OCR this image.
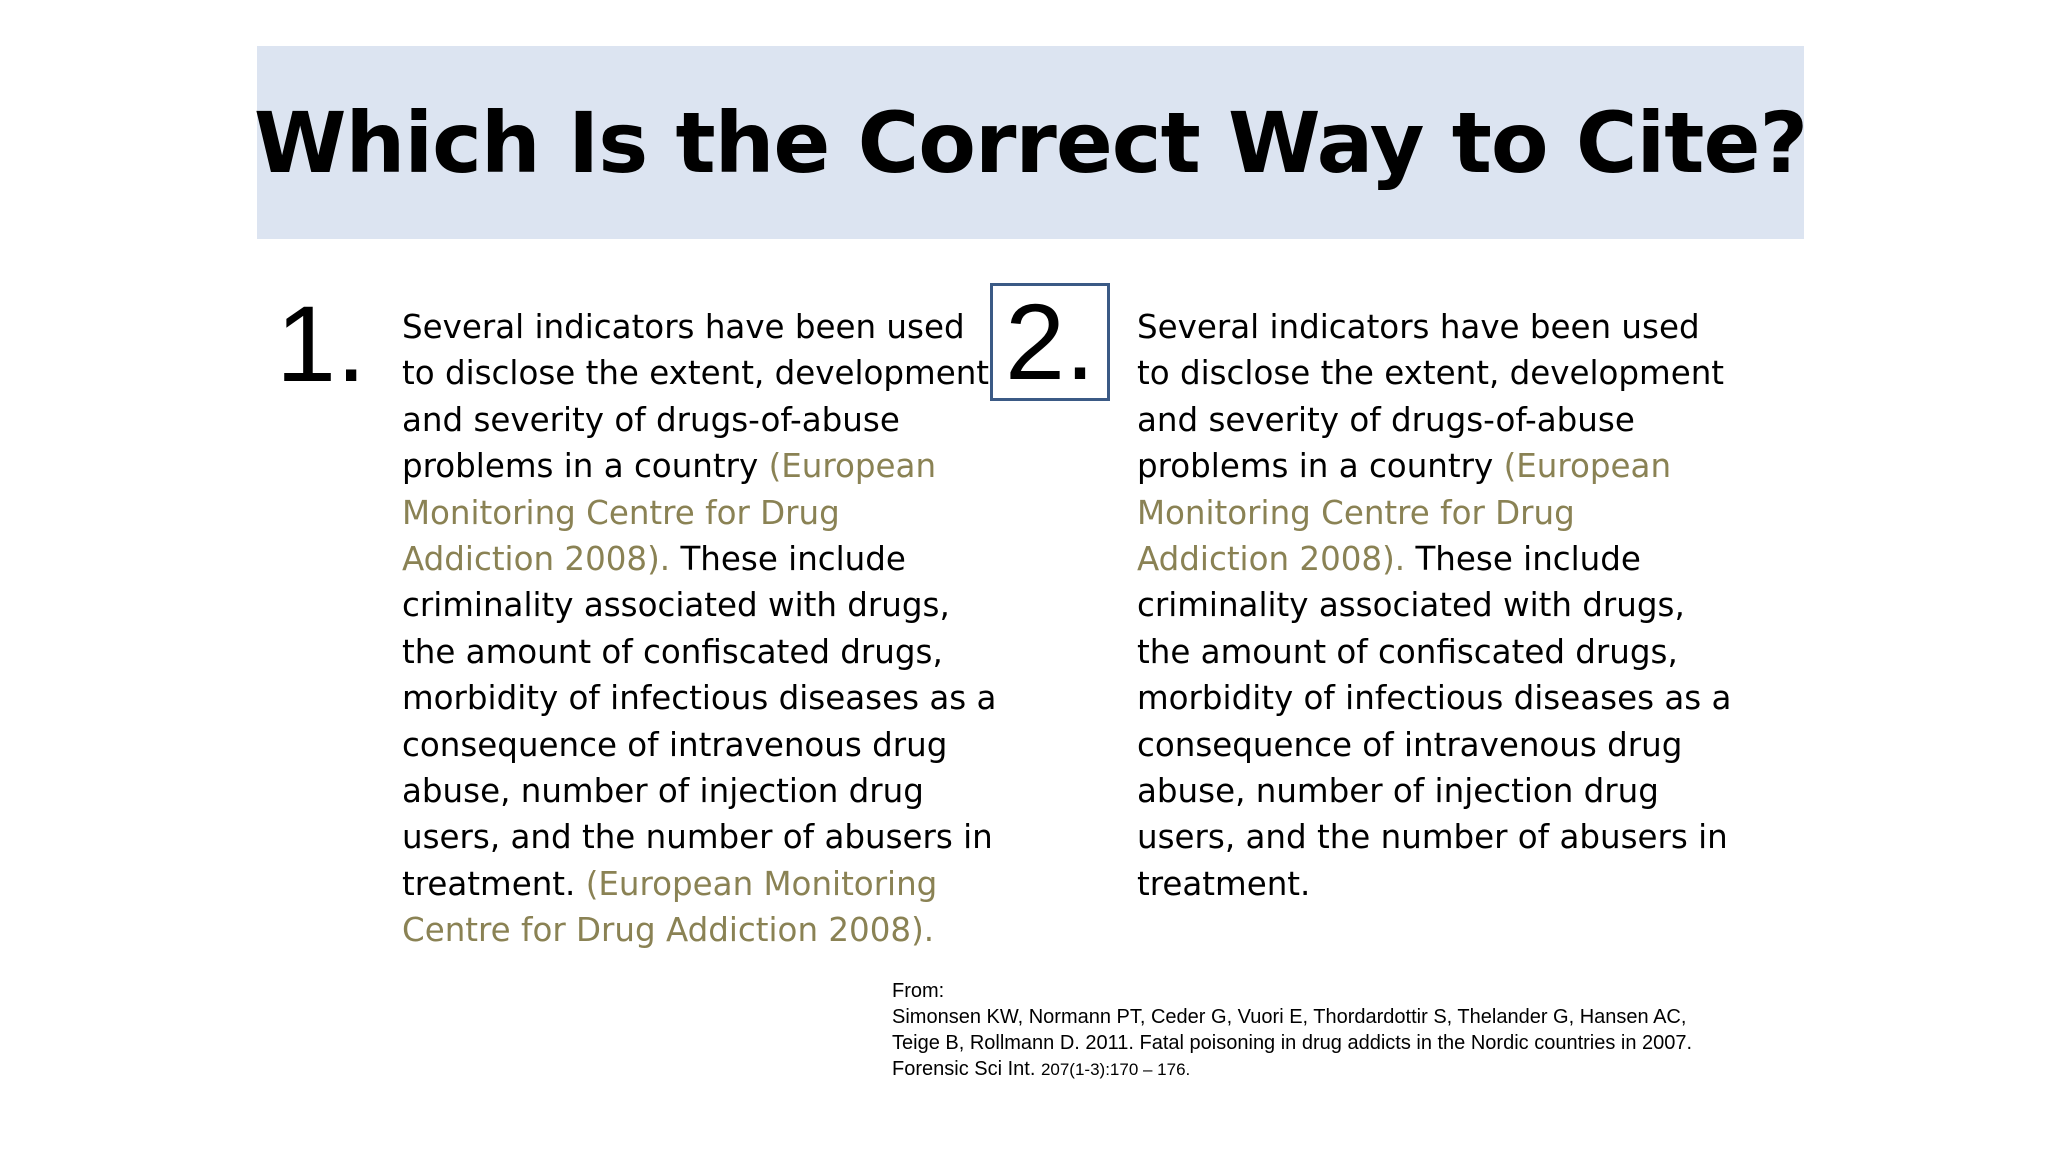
Which Is the Correct Way to Cite?
1. Several indicators have been used to disclose the extent, development and severity of drugs-of-abuse problems in a country (European Monitoring Centre for Drug Addiction 2008). These include criminality associated with drugs, the amount of confiscated drugs, morbidity of infectious diseases as a consequence of intravenous drug abuse, number of injection drug users, and the number of abusers in treatment. (European Monitoring Centre for Drug Addiction 2008).

2. Several indicators have been used to disclose the extent, development and severity of drugs-of-abuse problems in a country (European Monitoring Centre for Drug Addiction 2008). These include criminality associated with drugs, the amount of confiscated drugs, morbidity of infectious diseases as a consequence of intravenous drug abuse, number of injection drug users, and the number of abusers in treatment.

From:
Simonsen KW, Normann PT, Ceder G, Vuori E, Thordardottir S, Thelander G, Hansen AC,
Teige B, Rollmann D. 2011. Fatal poisoning in drug addicts in the Nordic countries in 2007.
Forensic Sci Int. 207(1-3):170 – 176.
